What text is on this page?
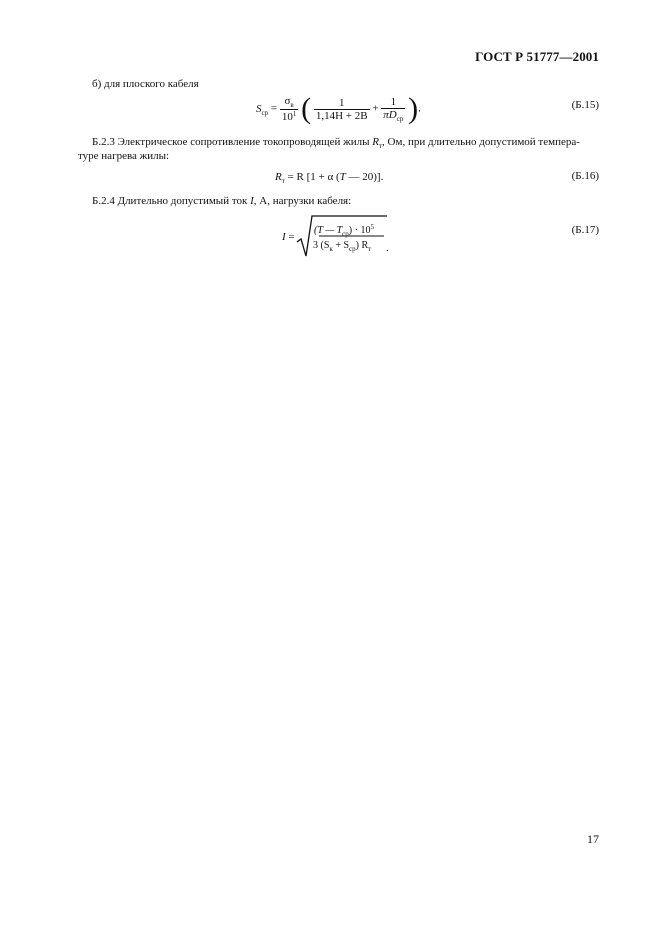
ГОСТ Р 51777—2001
б) для плоского кабеля
$S_{ср} = \frac{\sigma_в}{10^1}$ ( $\frac{1}{1,14H + 2B} + \frac{1}{\pi D_{ср}}$ ).	(Б.15)
Б.2.3 Электрическое сопротивление токопроводящей жилы $R_т$, Ом, при длительно допустимой темпера-
туре нагрева жилы:
$R_т = R$ [1 + α (T — 20)].	(Б.16)
Б.2.4 Длительно допустимый ток I, А, нагрузки кабеля:
I =
(T — $T_{ср}) \cdot 10^5$
3 $(S_к + S_{ср})$ $R_т$ .
(Б.17)
17
